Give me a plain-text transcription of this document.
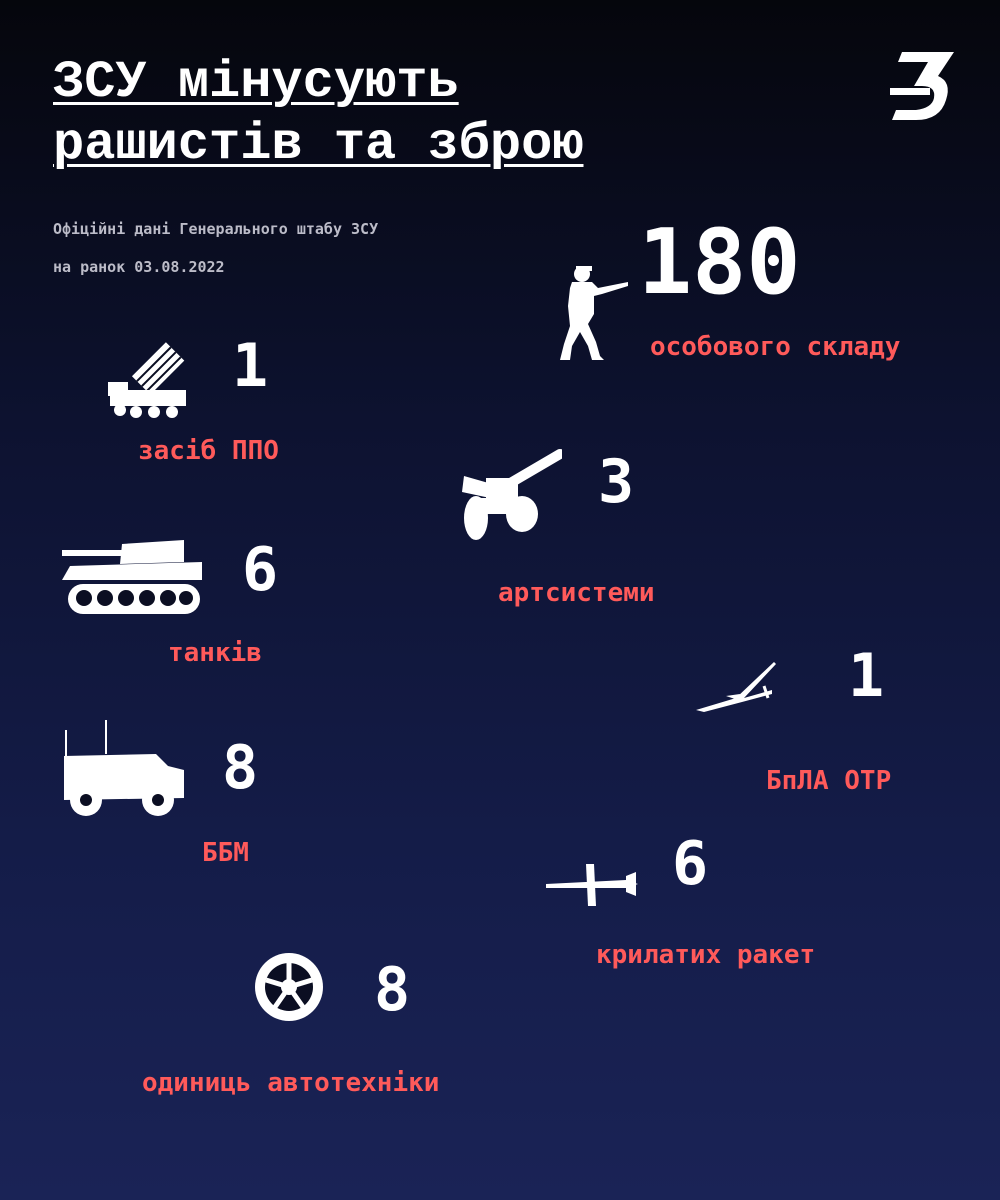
ЗСУ мінусують
рашистів та зброю
Офіційні дані Генерального штабу ЗСУ
на ранок 03.08.2022	180
особового складу
1
засіб ППО	3
артсистеми
6
танків	1
БпЛА ОТР
8
ББМ	6
крилатих ракет
8
одиниць автотехніки
